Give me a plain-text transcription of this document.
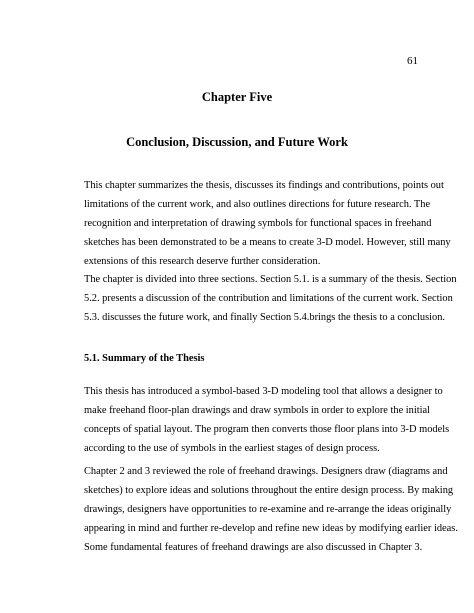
61
Chapter Five
Conclusion, Discussion, and Future Work

This chapter summarizes the thesis, discusses its findings and contributions, points out
limitations of the current work, and also outlines directions for future research. The
recognition and interpretation of drawing symbols for functional spaces in freehand
sketches has been demonstrated to be a means to create 3-D model. However, still many
extensions of this research deserve further consideration.

The chapter is divided into three sections. Section 5.1. is a summary of the thesis. Section
5.2. presents a discussion of the contribution and limitations of the current work. Section
5.3. discusses the future work, and finally Section 5.4.brings the thesis to a conclusion.

5.1. Summary of the Thesis

This thesis has introduced a symbol-based 3-D modeling tool that allows a designer to
make freehand floor-plan drawings and draw symbols in order to explore the initial
concepts of spatial layout. The program then converts those floor plans into 3-D models
according to the use of symbols in the earliest stages of design process.

Chapter 2 and 3 reviewed the role of freehand drawings. Designers draw (diagrams and
sketches) to explore ideas and solutions throughout the entire design process. By making
drawings, designers have opportunities to re-examine and re-arrange the ideas originally
appearing in mind and further re-develop and refine new ideas by modifying earlier ideas.
Some fundamental features of freehand drawings are also discussed in Chapter 3.
